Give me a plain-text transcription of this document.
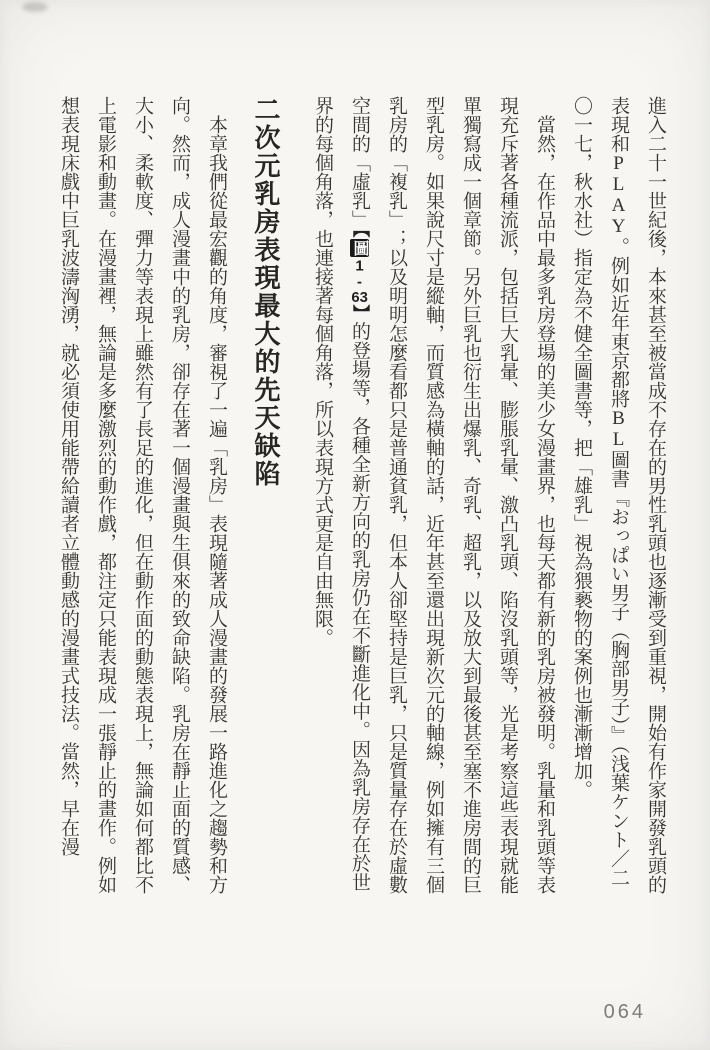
進入二十一世紀後，本來甚至被當成不存在的男性乳頭也逐漸受到重視，開始有作家開發乳頭的表現和PLAY。例如近年東京都將BL圖書『おっぱい男子（胸部男子）』（浅葉ケント／二〇一七，秋水社）指定為不健全圖書等，把「雄乳」視為猥褻物的案例也漸漸增加。

當然，在作品中最多乳房登場的美少女漫畫界，也每天都有新的乳房被發明。乳量和乳頭等表現充斥著各種流派，包括巨大乳暈、膨脹乳暈、激凸乳頭、陷沒乳頭等，光是考察這些表現就能單獨寫成一個章節。另外巨乳也衍生出爆乳、奇乳、超乳，以及放大到最後甚至塞不進房間的巨型乳房。如果說尺寸是縱軸，而質感為橫軸的話，近年甚至還出現新次元的軸線，例如擁有三個乳房的「複乳」；以及明明怎麼看都只是普通貧乳，但本人卻堅持是巨乳，只是質量存在於虛數空間的「虛乳」【圖1-63】的登場等，各種全新方向的乳房仍在不斷進化中。因為乳房存在於世界的每個角落，也連接著每個角落，所以表現方式更是自由無限。

二次元乳房表現最大的先天缺陷

本章我們從最宏觀的角度，審視了一遍「乳房」表現隨著成人漫畫的發展一路進化之趨勢和方向。然而，成人漫畫中的乳房，卻存在著一個漫畫與生俱來的致命缺陷。乳房在靜止面的質感、大小、柔軟度、彈力等表現上雖然有了長足的進化，但在動作面的動態表現上，無論如何都比不上電影和動畫。在漫畫裡，無論是多麼激烈的動作戲，都注定只能表現成一張靜止的畫作。例如想表現床戲中巨乳波濤洶湧，就必須使用能帶給讀者立體動感的漫畫式技法。當然，早在漫

064
